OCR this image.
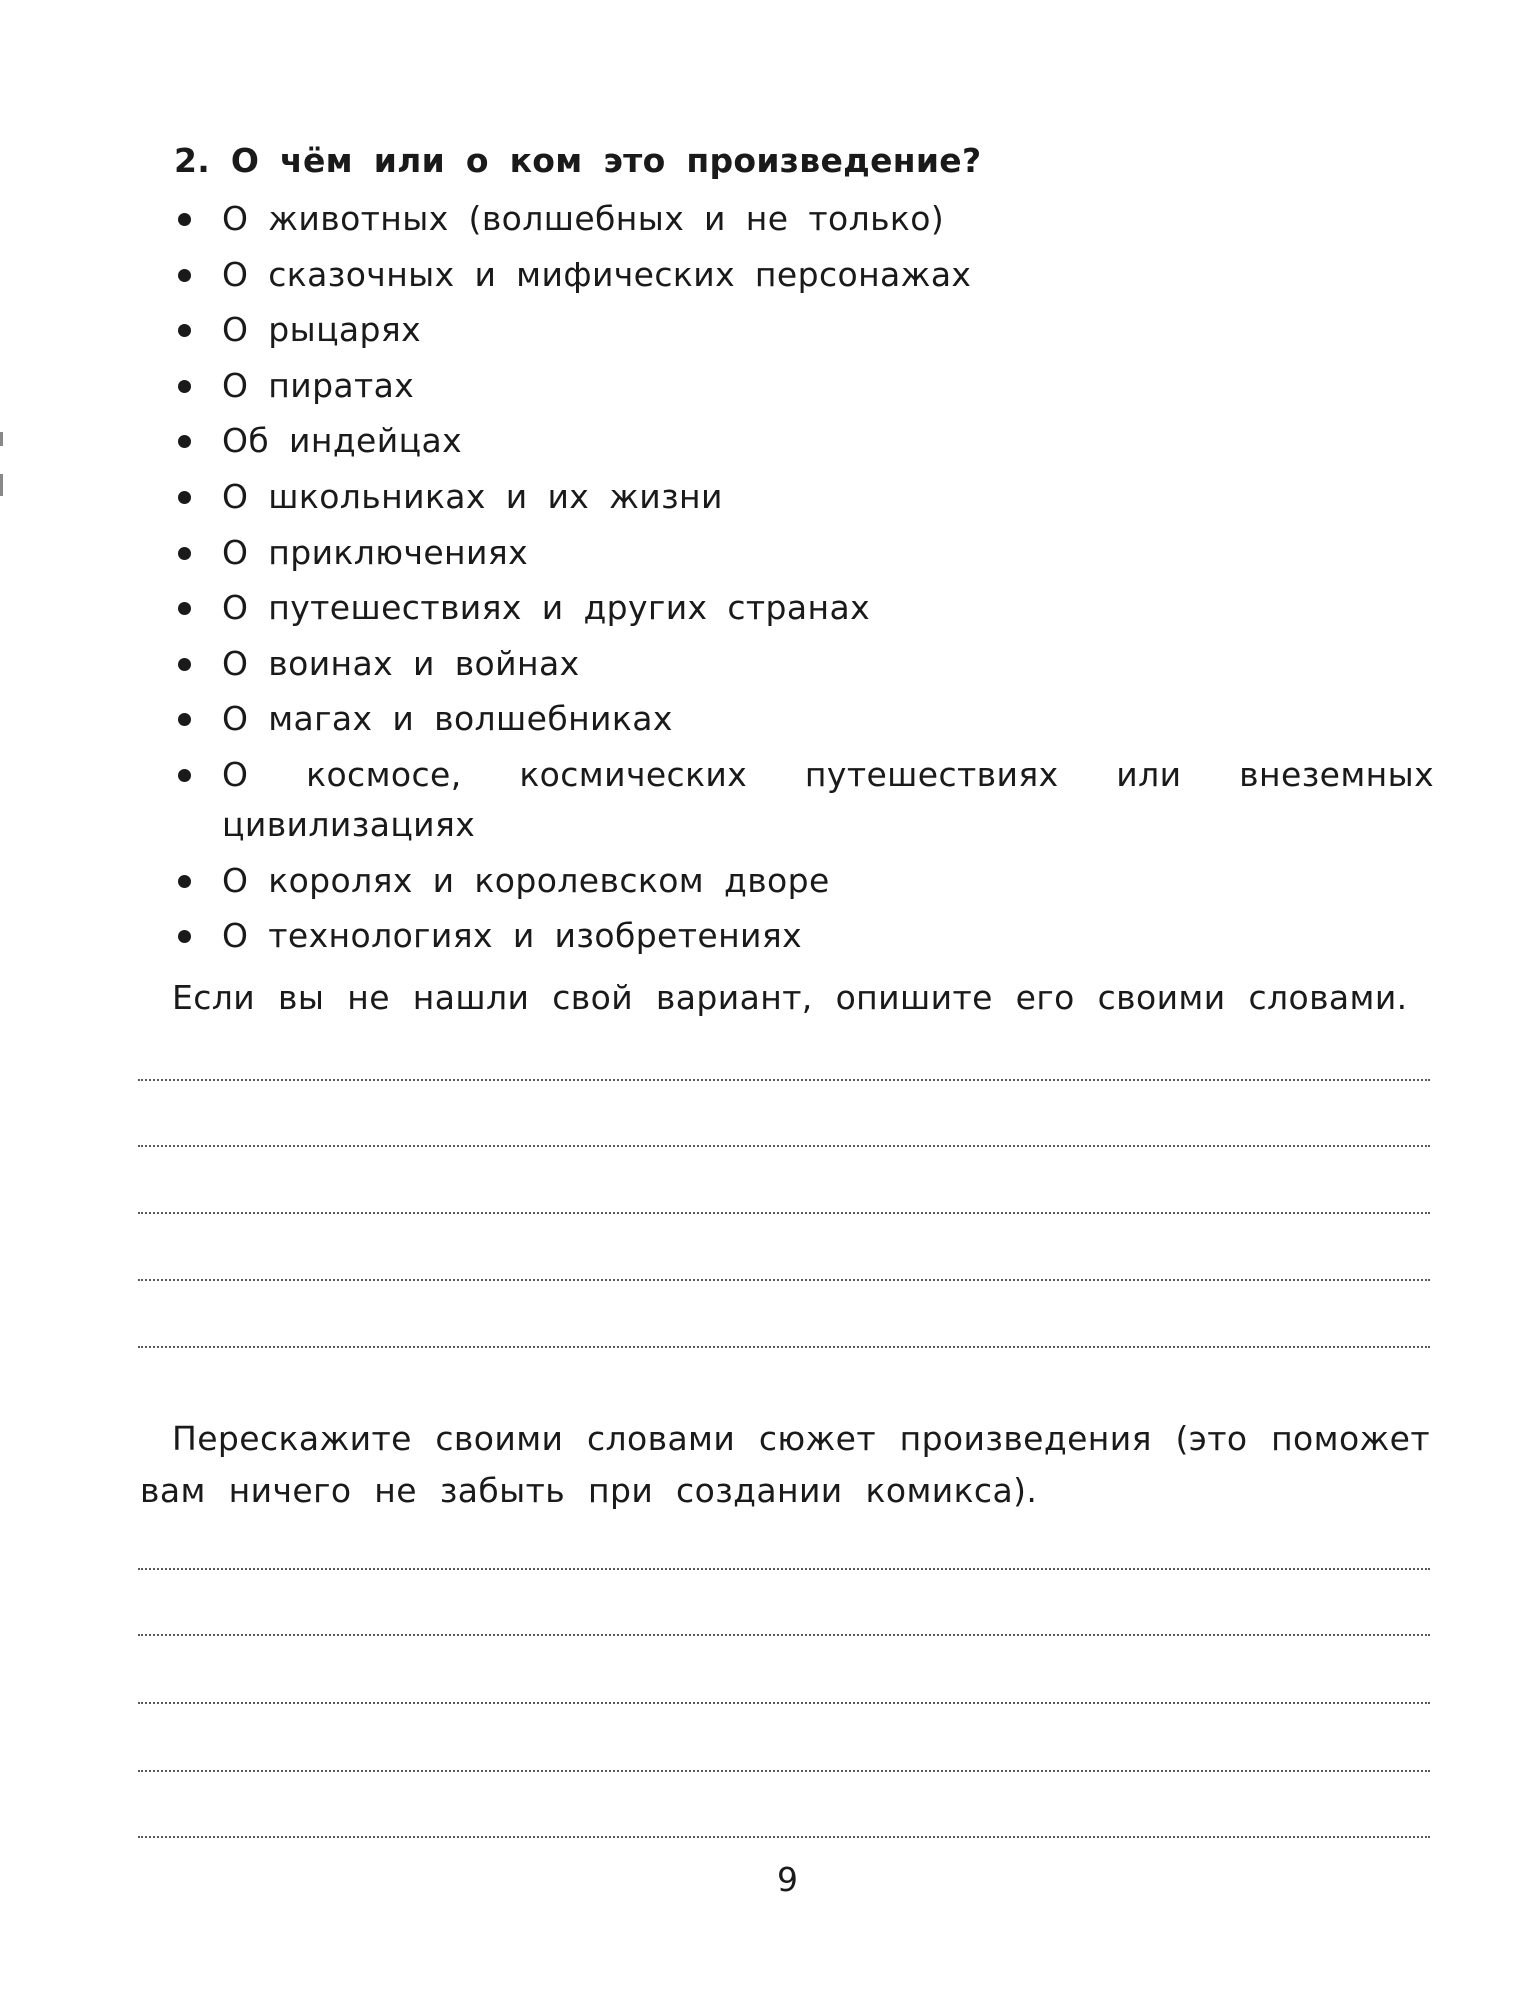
2. О чём или о ком это произведение?
О животных (волшебных и не только)
О сказочных и мифических персонажах
О рыцарях
О пиратах
Об индейцах
О школьниках и их жизни
О приключениях
О путешествиях и других странах
О воинах и войнах
О магах и волшебниках
О космосе, космических путешествиях или внеземных цивилизациях
О королях и королевском дворе
О технологиях и изобретениях
Если вы не нашли свой вариант, опишите его своими словами.
Перескажите своими словами сюжет произведения (это поможет вам ничего не забыть при создании комикса).
9
